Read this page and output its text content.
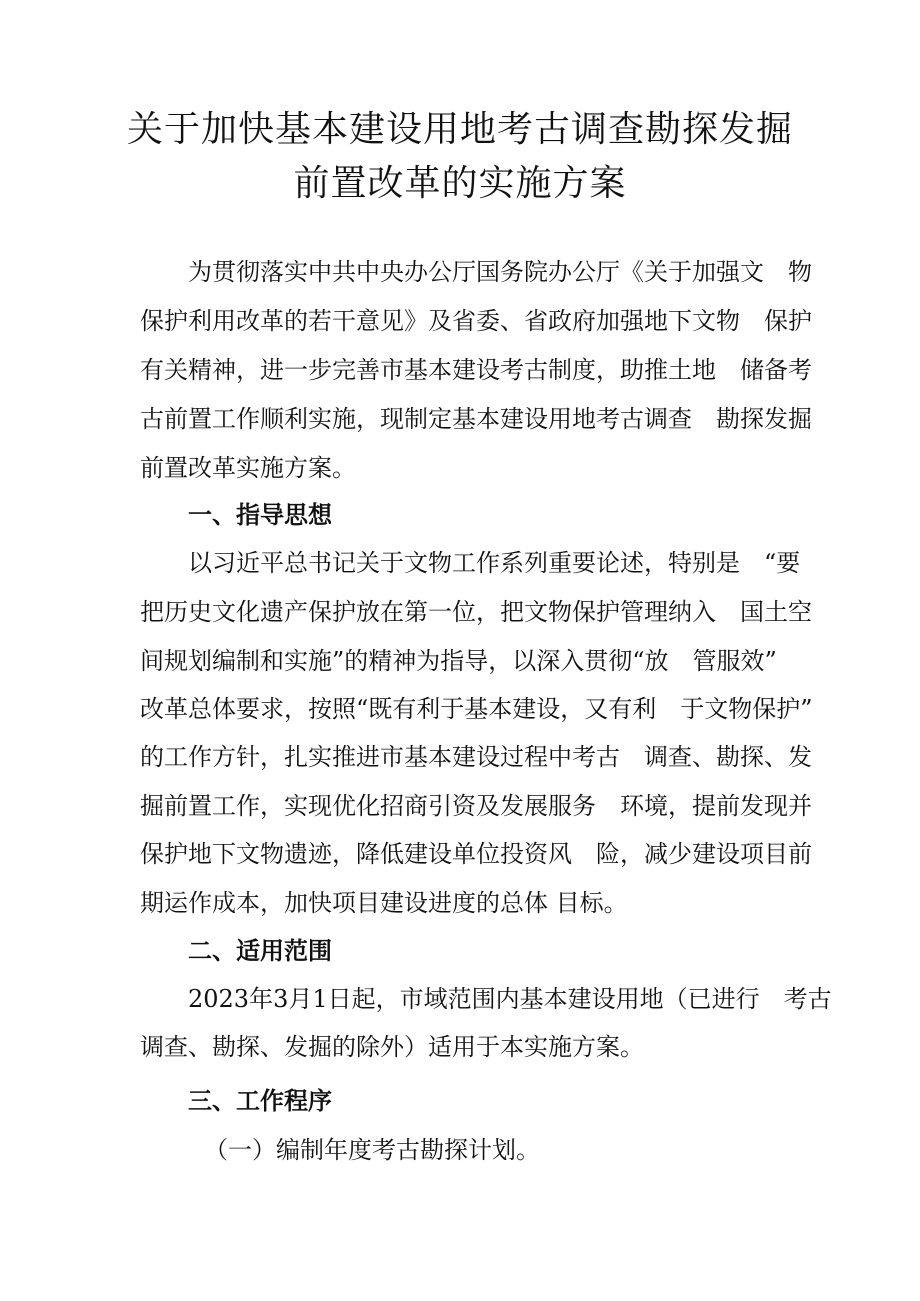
关于加快基本建设用地考古调查勘探发掘
前置改革的实施方案
为贯彻落实中共中央办公厅国务院办公厅《关于加强文　物
保护利用改革的若干意见》及省委、省政府加强地下文物　保护
有关精神，进一步完善市基本建设考古制度，助推土地　储备考
古前置工作顺利实施，现制定基本建设用地考古调查　勘探发掘
前置改革实施方案。
一、指导思想
以习近平总书记关于文物工作系列重要论述，特别是　“要
把历史文化遗产保护放在第一位，把文物保护管理纳入　国土空
间规划编制和实施”的精神为指导，以深入贯彻“放　管服效”
改革总体要求，按照“既有利于基本建设，又有利　于文物保护”
的工作方针，扎实推进市基本建设过程中考古　调查、勘探、发
掘前置工作，实现优化招商引资及发展服务　环境，提前发现并
保护地下文物遗迹，降低建设单位投资风　险，减少建设项目前
期运作成本，加快项目建设进度的总体 目标。
二、适用范围
2023年3月1日起，市域范围内基本建设用地（已进行　考古
调查、勘探、发掘的除外）适用于本实施方案。
三、工作程序
（一）编制年度考古勘探计划。
